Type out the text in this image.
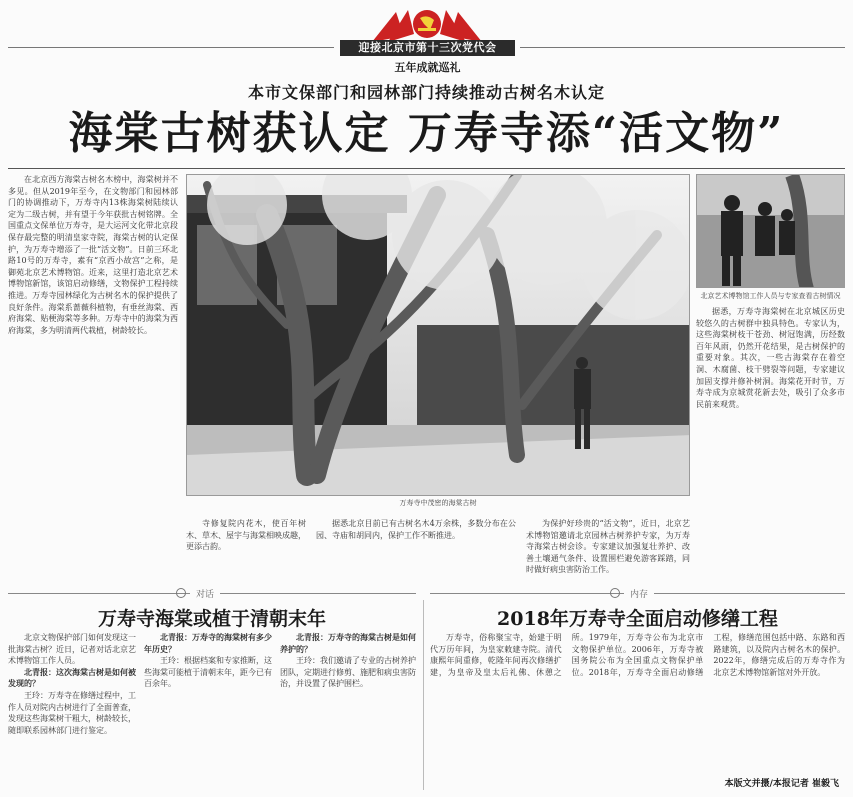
迎接北京市第十三次党代会
五年成就巡礼
本市文保部门和园林部门持续推动古树名木认定
海棠古树获认定 万寿寺添“活文物”

在北京西方海棠古树名木榜中，海棠树并不多见。但从2019年至今，在文物部门和园林部门的协调推动下，万寿寺内13株海棠树陆续认定为二级古树，并有望于今年获批古树铭牌。全国重点文保单位万寿寺，是大运河文化带北京段保存最完整的明清皇家寺院，海棠古树的认定保护，为万寿寺增添了一批“活文物”。日前三环北路10号的万寿寺，素有“京西小故宫”之称，是御苑北京艺术博物馆。近来，这里打造北京艺术博物馆新馆，该馆启动修缮，文物保护工程持续推进。万寿寺园林绿化为古树名木的保护提供了良好条件。海棠系蔷薇科植物，有垂丝海棠、西府海棠、贴梗海棠等多种。万寿寺中的海棠为西府海棠，多为明清两代栽植，树龄较长。

万寿寺中茂密的海棠古树
北京艺术博物馆工作人员与专家查看古树情况

据悉，万寿寺海棠树在北京城区历史较悠久的古树群中独具特色。专家认为，这些海棠树枝干苍劲、树冠饱满，历经数百年风雨，仍然开花结果，是古树保护的重要对象。其次，一些古海棠存在着空洞、木腐菌、枝干劈裂等问题，专家建议加固支撑并修补树洞。海棠花开时节，万寿寺成为京城赏花新去处，吸引了众多市民前来观赏。

寺修复院内花木，使百年树木、草木、屋宇与海棠相映成趣，更添古韵。

据悉北京目前已有古树名木4万余株，多数分布在公园、寺庙和胡同内，保护工作不断推进。

为保护好珍贵的“活文物”，近日，北京艺术博物馆邀请北京园林古树养护专家，为万寿寺海棠古树会诊。专家建议加强复壮养护、改善土壤通气条件、设置围栏避免游客踩踏，同时做好病虫害防治工作。

对话
万寿寺海棠或植于清朝末年

北京文物保护部门如何发现这一批海棠古树？近日，记者对话北京艺术博物馆工作人员。

北青报：这次海棠古树是如何被发现的？

王玲：万寿寺在修缮过程中，工作人员对院内古树进行了全面普查，发现这些海棠树干粗大，树龄较长，随即联系园林部门进行鉴定。

北青报：万寿寺的海棠树有多少年历史？

王玲：根据档案和专家推断，这些海棠可能植于清朝末年，距今已有百余年。

北青报：万寿寺的海棠古树是如何养护的？

王玲：我们邀请了专业的古树养护团队，定期进行修剪、施肥和病虫害防治，并设置了保护围栏。

内存
2018年万寿寺全面启动修缮工程

万寿寺，俗称聚宝寺，始建于明代万历年间，为皇家敕建寺院。清代康熙年间重修，乾隆年间再次修缮扩建，为皇帝及皇太后礼佛、休憩之所。1979年，万寿寺公布为北京市文物保护单位。2006年，万寿寺被国务院公布为全国重点文物保护单位。2018年，万寿寺全面启动修缮工程，修缮范围包括中路、东路和西路建筑，以及院内古树名木的保护。2022年，修缮完成后的万寿寺作为北京艺术博物馆新馆对外开放。

本版文并摄/本报记者 崔毅飞
